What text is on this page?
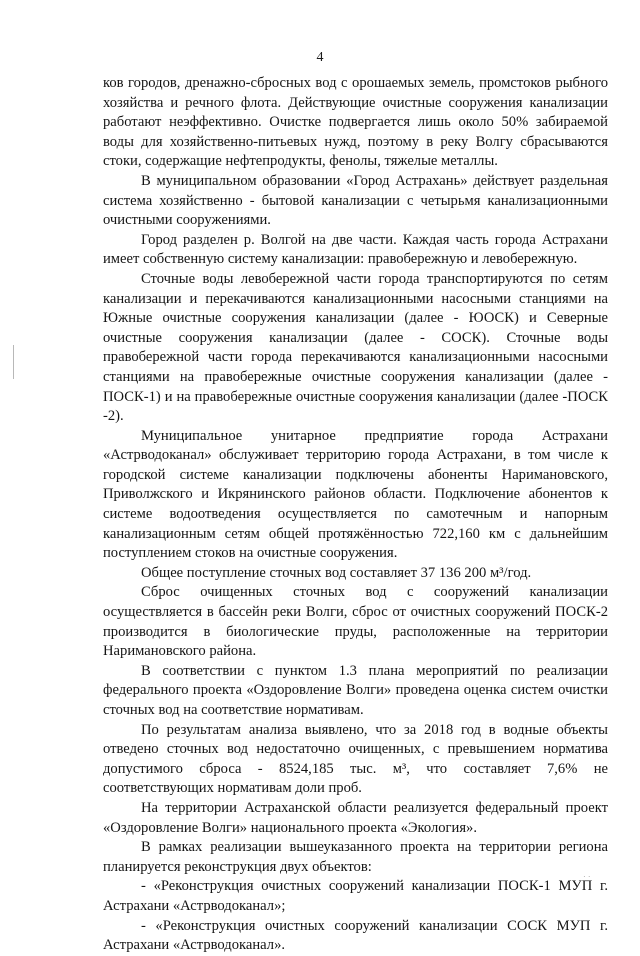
4

ков городов, дренажно-сбросных вод с орошаемых земель, промстоков рыбного хозяйства и речного флота. Действующие очистные сооружения канализации работают неэффективно. Очистке подвергается лишь около 50% забираемой воды для хозяйственно-питьевых нужд, поэтому в реку Волгу сбрасываются стоки, содержащие нефтепродукты, фенолы, тяжелые металлы.

В муниципальном образовании «Город Астрахань» действует раздельная система хозяйственно - бытовой канализации с четырьмя канализационными очистными сооружениями.

Город разделен р. Волгой на две части. Каждая часть города Астрахани имеет собственную систему канализации: правобережную и левобережную.

Сточные воды левобережной части города транспортируются по сетям канализации и перекачиваются канализационными насосными станциями на Южные очистные сооружения канализации (далее - ЮОСК) и Северные очистные сооружения канализации (далее - СОСК). Сточные воды правобережной части города перекачиваются канализационными насосными станциями на правобережные очистные сооружения канализации (далее - ПОСК-1) и на правобережные очистные сооружения канализации (далее -ПОСК -2).

Муниципальное унитарное предприятие города Астрахани «Астрводоканал» обслуживает территорию города Астрахани, в том числе к городской системе канализации подключены абоненты Наримановского, Приволжского и Икрянинского районов области. Подключение абонентов к системе водоотведения осуществляется по самотечным и напорным канализационным сетям общей протяжённостью 722,160 км с дальнейшим поступлением стоков на очистные сооружения.

Общее поступление сточных вод составляет 37 136 200 м³/год.

Сброс очищенных сточных вод с сооружений канализации осуществляется в бассейн реки Волги, сброс от очистных сооружений ПОСК-2 производится в биологические пруды, расположенные на территории Наримановского района.

В соответствии с пунктом 1.3 плана мероприятий по реализации федерального проекта «Оздоровление Волги» проведена оценка систем очистки сточных вод на соответствие нормативам.

По результатам анализа выявлено, что за 2018 год в водные объекты отведено сточных вод недостаточно очищенных, с превышением норматива допустимого сброса - 8524,185 тыс. м³, что составляет 7,6% не соответствующих нормативам доли проб.

На территории Астраханской области реализуется федеральный проект «Оздоровление Волги» национального проекта «Экология».

В рамках реализации вышеуказанного проекта на территории региона планируется реконструкция двух объектов:

- «Реконструкция очистных сооружений канализации ПОСК-1 МУП г. Астрахани «Астрводоканал»;

- «Реконструкция очистных сооружений канализации СОСК МУП г. Астрахани «Астрводоканал».

· ·
